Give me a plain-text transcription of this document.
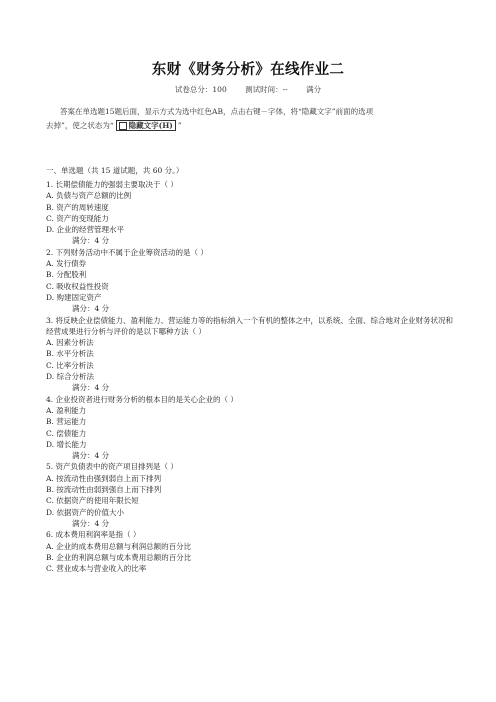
东财《财务分析》在线作业二
试卷总分：100 测试时间：-- 满分
答案在单选题15题后面，显示方式为选中红色AB，点击右键－字体，将“隐藏文字”前面的选项
去掉”，使之状态为“ 隐藏文字(H) ”
一、单选题（共 15 道试题，共 60 分。）
1. 长期偿债能力的强弱主要取决于（ ）
A. 负债与资产总额的比例
B. 资产的周转速度
C. 资产的变现能力
D. 企业的经营管理水平
满分：4 分
2. 下列财务活动中不属于企业筹资活动的是（ ）
A. 发行债券
B. 分配股利
C. 吸收权益性投资
D. 购建固定资产
满分：4 分
3. 将反映企业偿债能力、盈利能力、营运能力等的指标纳入一个有机的整体之中，以系统、全面、综合地对企业财务状况和经营成果进行分析与评价的是以下哪种方法（ ）
A. 因素分析法
B. 水平分析法
C. 比率分析法
D. 综合分析法
满分：4 分
4. 企业投资者进行财务分析的根本目的是关心企业的（ ）
A. 盈利能力
B. 营运能力
C. 偿债能力
D. 增长能力
满分：4 分
5. 资产负债表中的资产项目排列是（ ）
A. 按流动性由强到弱自上而下排列
B. 按流动性由弱到强自上而下排列
C. 依据资产的使用年限长短
D. 依据资产的价值大小
满分：4 分
6. 成本费用利润率是指（ ）
A. 企业的成本费用总额与利润总额的百分比
B. 企业的利润总额与成本费用总额的百分比
C. 营业成本与营业收入的比率
